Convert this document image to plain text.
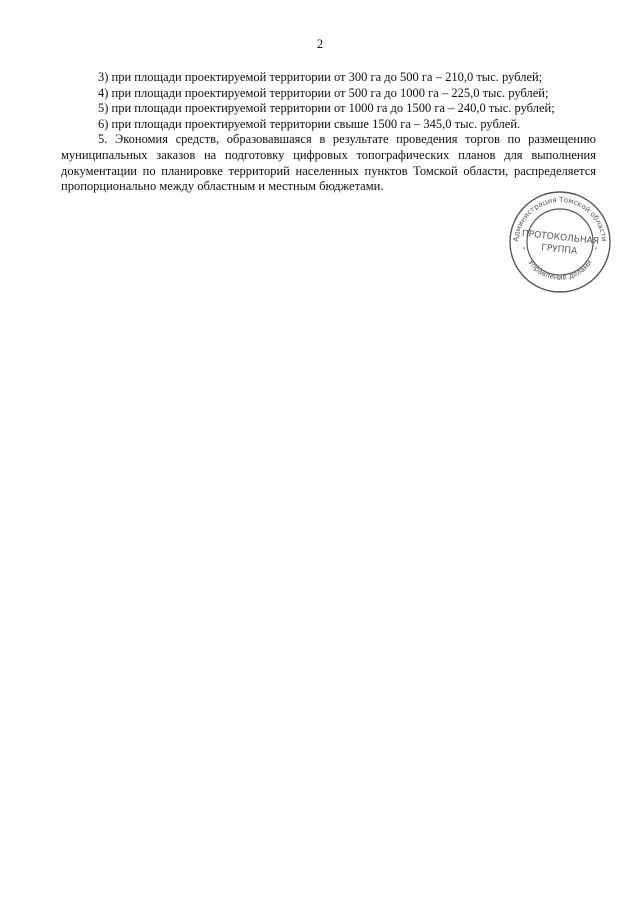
2

3) при площади проектируемой территории от 300 га до 500 га – 210,0 тыс. рублей;

4) при площади проектируемой территории от 500 га до 1000 га – 225,0 тыс. рублей;

5) при площади проектируемой территории от 1000 га до 1500 га – 240,0 тыс. рублей;

6) при площади проектируемой территории свыше 1500 га – 345,0 тыс. рублей.

5. Экономия средств, образовавшаяся в результате проведения торгов по размещению муниципальных заказов на подготовку цифровых топографических планов для выполнения документации по планировке территорий населенных пунктов Томской области, распределяется пропорционально между областным и местным бюджетами.

Администрация Томской области
Управление делами
*	*
ПРОТОКОЛЬНАЯ
ГРУППА
